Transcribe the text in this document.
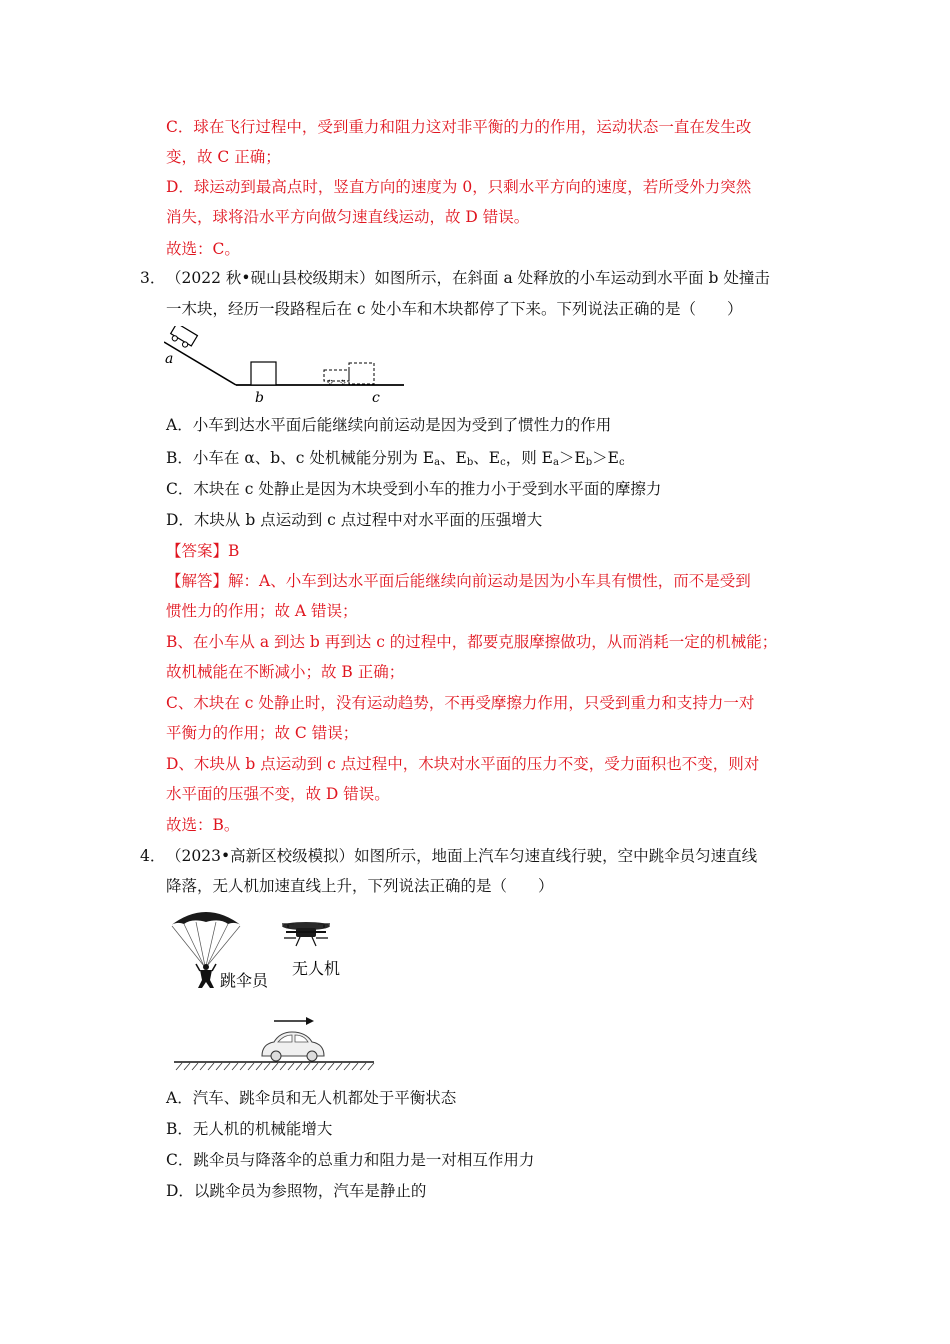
C．球在飞行过程中，受到重力和阻力这对非平衡的力的作用，运动状态一直在发生改
变，故 C 正确；
D．球运动到最高点时，竖直方向的速度为 0，只剩水平方向的速度，若所受外力突然
消失，球将沿水平方向做匀速直线运动，故 D 错误。
故选：C。
3． （2022 秋•砚山县校级期末）如图所示，在斜面 a 处释放的小车运动到水平面 b 处撞击
一木块，经历一段路程后在 c 处小车和木块都停了下来。下列说法正确的是（　　）
a
b	c
A．小车到达水平面后能继续向前运动是因为受到了惯性力的作用
B．小车在 α、b、c 处机械能分别为 $E_a$、$E_b$、$E_c$，则 $E_a>E_b>E_c$
C．木块在 c 处静止是因为木块受到小车的推力小于受到水平面的摩擦力
D．木块从 b 点运动到 c 点过程中对水平面的压强增大
【答案】B
【解答】解：A、小车到达水平面后能继续向前运动是因为小车具有惯性，而不是受到
惯性力的作用；故 A 错误；
B、在小车从 a 到达 b 再到达 c 的过程中，都要克服摩擦做功，从而消耗一定的机械能；
故机械能在不断减小；故 B 正确；
C、木块在 c 处静止时，没有运动趋势，不再受摩擦力作用，只受到重力和支持力一对
平衡力的作用；故 C 错误；
D、木块从 b 点运动到 c 点过程中，木块对水平面的压力不变，受力面积也不变，则对
水平面的压强不变，故 D 错误。
故选：B。
4． （2023•高新区校级模拟）如图所示，地面上汽车匀速直线行驶，空中跳伞员匀速直线
降落，无人机加速直线上升，下列说法正确的是（　　）
跳伞员
无人机
A．汽车、跳伞员和无人机都处于平衡状态
B．无人机的机械能增大
C．跳伞员与降落伞的总重力和阻力是一对相互作用力
D．以跳伞员为参照物，汽车是静止的
